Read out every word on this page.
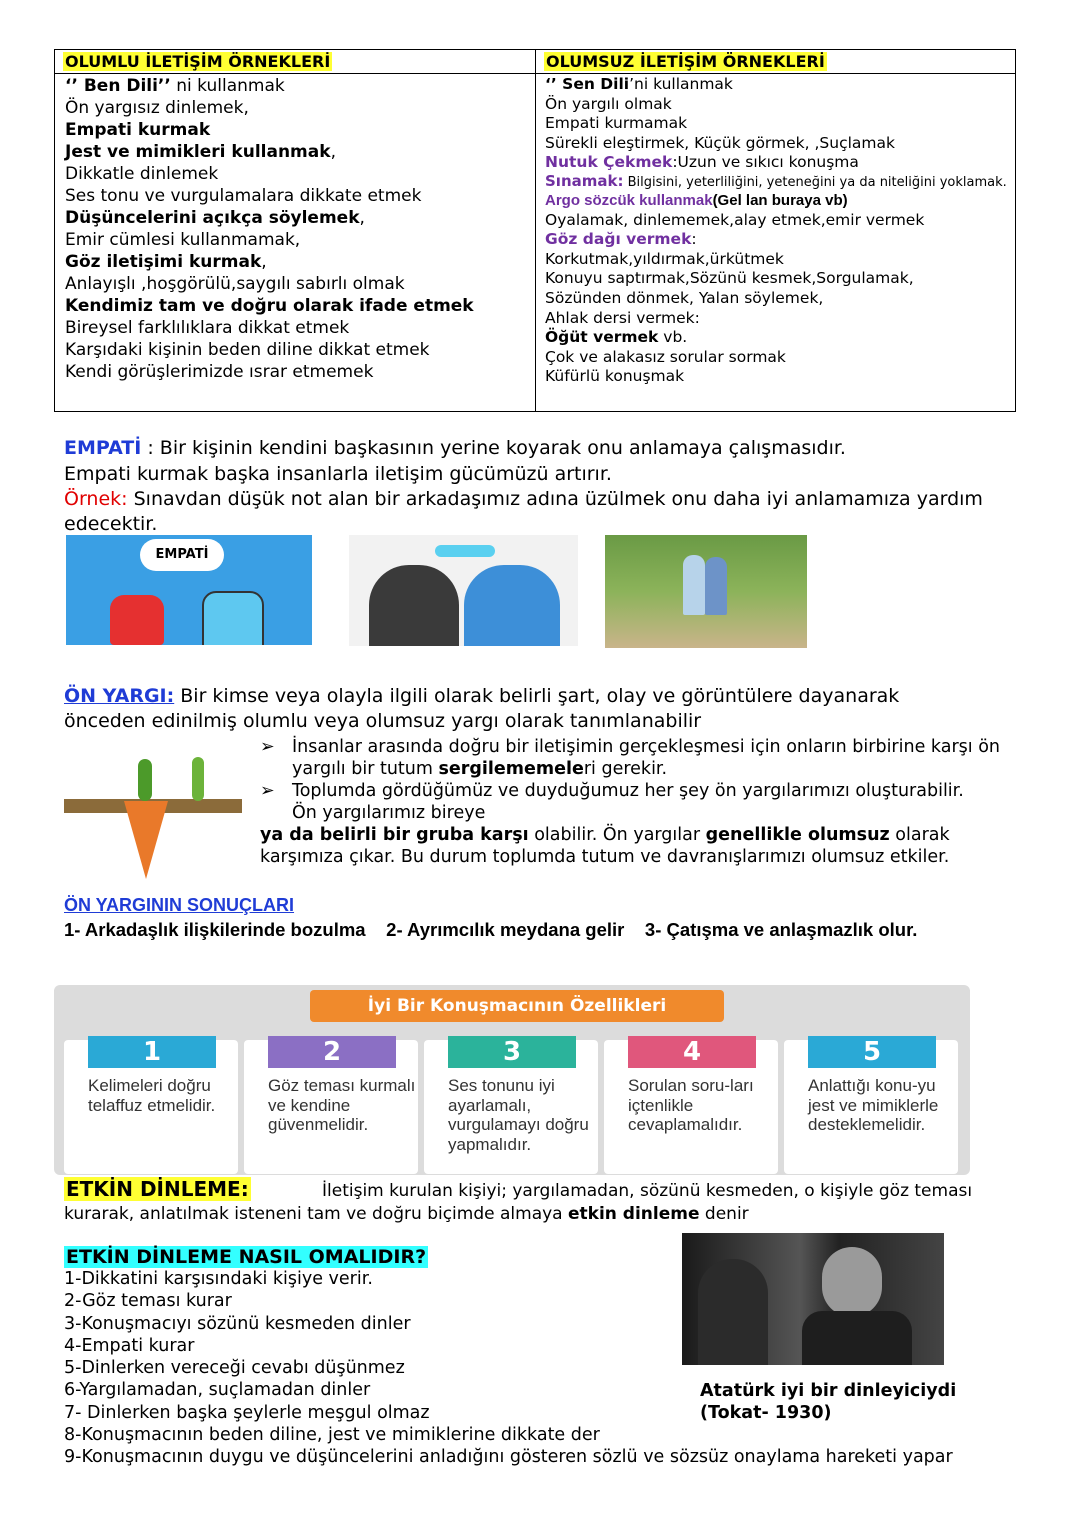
OLUMLU İLETİŞİM ÖRNEKLERİ	OLUMSUZ İLETİŞİM ÖRNEKLERİ
‘’ Ben Dili’’ ni kullanmak
Ön yargısız dinlemek,
Empati kurmak
Jest ve mimikleri kullanmak,
Dikkatle dinlemek
Ses tonu ve vurgulamalara dikkate etmek
Düşüncelerini açıkça söylemek,
Emir cümlesi kullanmamak,
Göz iletişimi kurmak,
Anlayışlı ,hoşgörülü,saygılı sabırlı olmak
Kendimiz tam ve doğru olarak ifade etmek
Bireysel farklılıklara dikkat etmek
Karşıdaki kişinin beden diline dikkat etmek
Kendi görüşlerimizde ısrar etmemek
‘’ Sen Dili’ni kullanmak
Ön yargılı olmak
Empati kurmamak
Sürekli eleştirmek, Küçük görmek, ,Suçlamak
Nutuk Çekmek:Uzun ve sıkıcı konuşma
Sınamak: Bilgisini, yeterliliğini, yeteneğini ya da niteliğini yoklamak.
Argo sözcük kullanmak(Gel lan buraya vb)
Oyalamak, dinlememek,alay etmek,emir vermek
Göz dağı vermek:
Korkutmak,yıldırmak,ürkütmek
Konuyu saptırmak,Sözünü kesmek,Sorgulamak,
Sözünden dönmek, Yalan söylemek,
Ahlak dersi vermek:
Öğüt vermek vb.
Çok ve alakasız sorular sormak
Küfürlü konuşmak
EMPATİ : Bir kişinin kendini başkasının yerine koyarak onu anlamaya çalışmasıdır.
Empati kurmak başka insanlarla iletişim gücümüzü artırır.
Örnek: Sınavdan düşük not alan bir arkadaşımız adına üzülmek onu daha iyi anlamamıza yardım edecektir.
EMPATİ
ÖN YARGI: Bir kimse veya olayla ilgili olarak belirli şart, olay ve görüntülere dayanarak önceden edinilmiş olumlu veya olumsuz yargı olarak tanımlanabilir
➢ İnsanlar arasında doğru bir iletişimin gerçekleşmesi için onların birbirine karşı ön yargılı bir tutum sergilememeleri gerekir.
➢ Toplumda gördüğümüz ve duyduğumuz her şey ön yargılarımızı oluşturabilir.
Ön yargılarımız bireye
ya da belirli bir gruba karşı olabilir. Ön yargılar genellikle olumsuz olarak karşımıza çıkar. Bu durum toplumda tutum ve davranışlarımızı olumsuz etkiler.
ÖN YARGININ SONUÇLARI
1- Arkadaşlık ilişkilerinde bozulma    2- Ayrımcılık meydana gelir    3- Çatışma ve anlaşmazlık olur.
İyi Bir Konuşmacının Özellikleri
1
Kelimeleri doğru telaffuz etmelidir.
2
Göz teması kurmalı ve kendine güvenmelidir.
3
Ses tonunu iyi ayarlamalı, vurgulamayı doğru yapmalıdır.
4
Sorulan soru-ları içtenlikle cevaplamalıdır.
5
Anlattığı konu-yu jest ve mimiklerle desteklemelidir.
ETKİN DİNLEME:	İletişim kurulan kişiyi; yargılamadan, sözünü kesmeden, o kişiyle göz teması
kurarak, anlatılmak isteneni tam ve doğru biçimde almaya etkin dinleme denir
ETKİN DİNLEME NASIL OMALIDIR?
1-Dikkatini karşısındaki kişiye verir.
2-Göz teması kurar
3-Konuşmacıyı sözünü kesmeden dinler
4-Empati kurar
5-Dinlerken vereceği cevabı düşünmez
6-Yargılamadan, suçlamadan dinler
7- Dinlerken başka şeylerle meşgul olmaz
8-Konuşmacının beden diline, jest ve mimiklerine dikkate der
9-Konuşmacının duygu ve düşüncelerini anladığını gösteren sözlü ve sözsüz onaylama hareketi yapar
Atatürk iyi bir dinleyiciydi
(Tokat- 1930)
